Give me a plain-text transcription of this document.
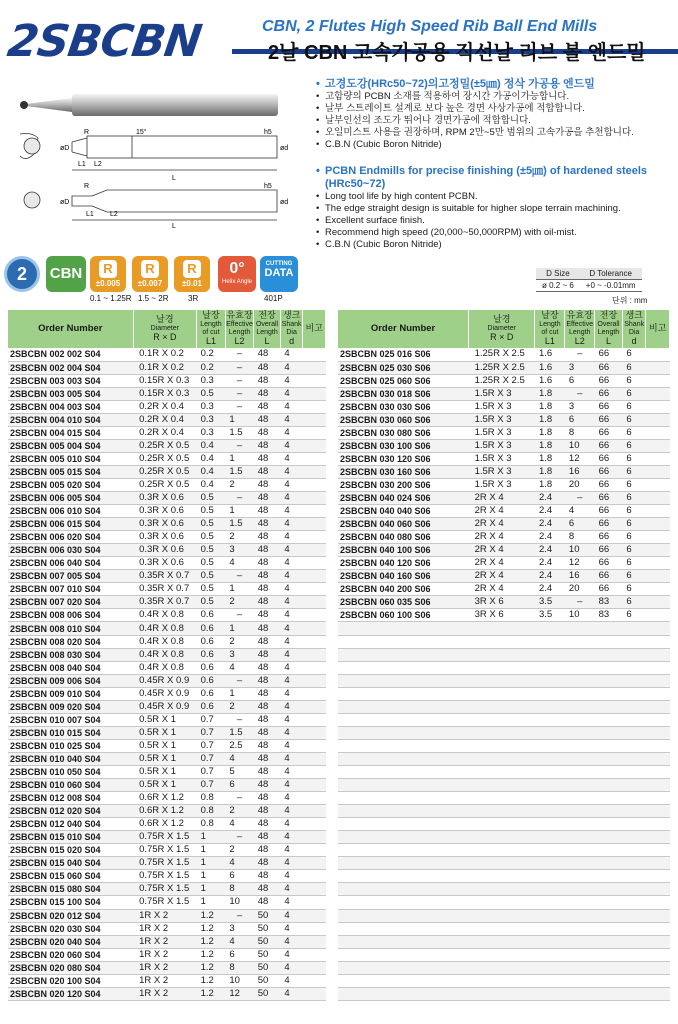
2SBCBN	CBN, 2 Flutes High Speed Rib Ball End Mills
2날 CBN 고속가공용 직선날 리브 볼 엔드밀
R	15°
øD	ød
h5
L1 L2
L
R
øD	ød
h5
L1 L2
L
• 고경도강(HRc50~72)의고정밀(±5㎛) 정삭 가공용 엔드밀
• 고함량의 PCBN 소재를 적용하여 장시간 가공이가능합니다.
• 날부 스트레이트 설계로 보다 높은 경면 사상가공에 적합합니다.
• 날부인선의 조도가 뛰어나 경면가공에 적합합니다.
• 오일미스트 사용을 권장하며, RPM 2만~5만 범위의 고속가공을 추천합니다.
• C.B.N (Cubic Boron Nitride)
• PCBN Endmills for precise finishing (±5㎛) of hardened steels (HRc50~72)
• Long tool life by high content PCBN.
• The edge straight design is suitable for higher slope terrain machining.
• Excellent surface finish.
• Recommend high speed (20,000~50,000RPM) with oil-mist.
• C.B.N (Cubic Boron Nitride)
2	CBN	R
±0.005
R
±0.007
R
±0.01
0°
Helix Angle
CUTTING
DATA
0.1 ~ 1.25R 1.5 ~ 2R 3R	401P
D Size	D Tolerance
ø 0.2 ~ 6	+0 ~ -0.01mm
단위 : mm
Order Number	날경
Diameter
R × D	날장
Length of cut
L1	유효장
Effective Length
L2	전장
Overall Length
L	생크
Shank Dia
d	비고
2SBCBN 002 002 S04	0.1R X 0.2	0.2	–	48	4	
2SBCBN 002 004 S04	0.1R X 0.2	0.2	–	48	4	
2SBCBN 003 003 S04	0.15R X 0.3	0.3	–	48	4	
2SBCBN 003 005 S04	0.15R X 0.3	0.5	–	48	4	
2SBCBN 004 003 S04	0.2R X 0.4	0.3	–	48	4	
2SBCBN 004 010 S04	0.2R X 0.4	0.3	1	48	4	
2SBCBN 004 015 S04	0.2R X 0.4	0.3	1.5	48	4	
2SBCBN 005 004 S04	0.25R X 0.5	0.4	–	48	4	
2SBCBN 005 010 S04	0.25R X 0.5	0.4	1	48	4	
2SBCBN 005 015 S04	0.25R X 0.5	0.4	1.5	48	4	
2SBCBN 005 020 S04	0.25R X 0.5	0.4	2	48	4	
2SBCBN 006 005 S04	0.3R X 0.6	0.5	–	48	4	
2SBCBN 006 010 S04	0.3R X 0.6	0.5	1	48	4	
2SBCBN 006 015 S04	0.3R X 0.6	0.5	1.5	48	4	
2SBCBN 006 020 S04	0.3R X 0.6	0.5	2	48	4	
2SBCBN 006 030 S04	0.3R X 0.6	0.5	3	48	4	
2SBCBN 006 040 S04	0.3R X 0.6	0.5	4	48	4	
2SBCBN 007 005 S04	0.35R X 0.7	0.5	–	48	4	
2SBCBN 007 010 S04	0.35R X 0.7	0.5	1	48	4	
2SBCBN 007 020 S04	0.35R X 0.7	0.5	2	48	4	
2SBCBN 008 006 S04	0.4R X 0.8	0.6	–	48	4	
2SBCBN 008 010 S04	0.4R X 0.8	0.6	1	48	4	
2SBCBN 008 020 S04	0.4R X 0.8	0.6	2	48	4	
2SBCBN 008 030 S04	0.4R X 0.8	0.6	3	48	4	
2SBCBN 008 040 S04	0.4R X 0.8	0.6	4	48	4	
2SBCBN 009 006 S04	0.45R X 0.9	0.6	–	48	4	
2SBCBN 009 010 S04	0.45R X 0.9	0.6	1	48	4	
2SBCBN 009 020 S04	0.45R X 0.9	0.6	2	48	4	
2SBCBN 010 007 S04	0.5R X 1	0.7	–	48	4	
2SBCBN 010 015 S04	0.5R X 1	0.7	1.5	48	4	
2SBCBN 010 025 S04	0.5R X 1	0.7	2.5	48	4	
2SBCBN 010 040 S04	0.5R X 1	0.7	4	48	4	
2SBCBN 010 050 S04	0.5R X 1	0.7	5	48	4	
2SBCBN 010 060 S04	0.5R X 1	0.7	6	48	4	
2SBCBN 012 008 S04	0.6R X 1.2	0.8	–	48	4	
2SBCBN 012 020 S04	0.6R X 1.2	0.8	2	48	4	
2SBCBN 012 040 S04	0.6R X 1.2	0.8	4	48	4	
2SBCBN 015 010 S04	0.75R X 1.5	1	–	48	4	
2SBCBN 015 020 S04	0.75R X 1.5	1	2	48	4	
2SBCBN 015 040 S04	0.75R X 1.5	1	4	48	4	
2SBCBN 015 060 S04	0.75R X 1.5	1	6	48	4	
2SBCBN 015 080 S04	0.75R X 1.5	1	8	48	4	
2SBCBN 015 100 S04	0.75R X 1.5	1	10	48	4	
2SBCBN 020 012 S04	1R X 2	1.2	–	50	4	
2SBCBN 020 030 S04	1R X 2	1.2	3	50	4	
2SBCBN 020 040 S04	1R X 2	1.2	4	50	4	
2SBCBN 020 060 S04	1R X 2	1.2	6	50	4	
2SBCBN 020 080 S04	1R X 2	1.2	8	50	4	
2SBCBN 020 100 S04	1R X 2	1.2	10	50	4	
2SBCBN 020 120 S04	1R X 2	1.2	12	50	4	
Order Number	날경
Diameter
R × D	날장
Length of cut
L1	유효장
Effective Length
L2	전장
Overall Length
L	생크
Shank Dia
d	비고
2SBCBN 025 016 S06	1.25R X 2.5	1.6	–	66	6	
2SBCBN 025 030 S06	1.25R X 2.5	1.6	3	66	6	
2SBCBN 025 060 S06	1.25R X 2.5	1.6	6	66	6	
2SBCBN 030 018 S06	1.5R X 3	1.8	–	66	6	
2SBCBN 030 030 S06	1.5R X 3	1.8	3	66	6	
2SBCBN 030 060 S06	1.5R X 3	1.8	6	66	6	
2SBCBN 030 080 S06	1.5R X 3	1.8	8	66	6	
2SBCBN 030 100 S06	1.5R X 3	1.8	10	66	6	
2SBCBN 030 120 S06	1.5R X 3	1.8	12	66	6	
2SBCBN 030 160 S06	1.5R X 3	1.8	16	66	6	
2SBCBN 030 200 S06	1.5R X 3	1.8	20	66	6	
2SBCBN 040 024 S06	2R X 4	2.4	–	66	6	
2SBCBN 040 040 S06	2R X 4	2.4	4	66	6	
2SBCBN 040 060 S06	2R X 4	2.4	6	66	6	
2SBCBN 040 080 S06	2R X 4	2.4	8	66	6	
2SBCBN 040 100 S06	2R X 4	2.4	10	66	6	
2SBCBN 040 120 S06	2R X 4	2.4	12	66	6	
2SBCBN 040 160 S06	2R X 4	2.4	16	66	6	
2SBCBN 040 200 S06	2R X 4	2.4	20	66	6	
2SBCBN 060 035 S06	3R X 6	3.5	–	83	6	
2SBCBN 060 100 S06	3R X 6	3.5	10	83	6	
